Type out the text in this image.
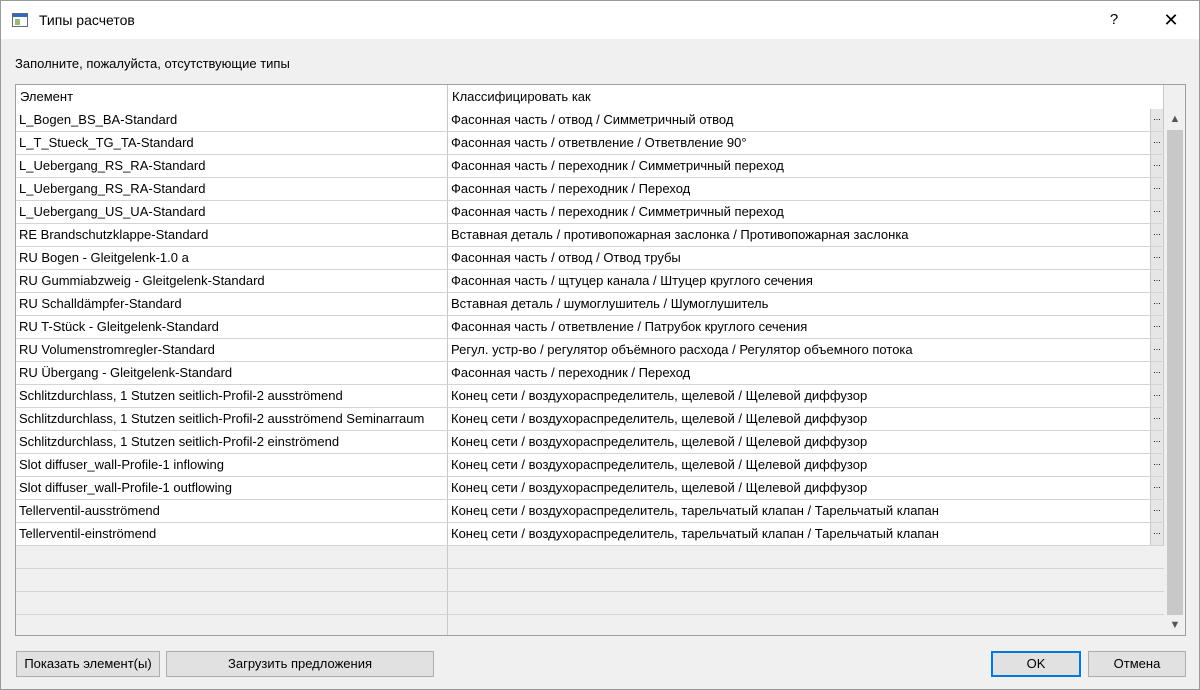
Типы расчетов	?	✕
Заполните, пожалуйста, отсутствующие типы
Элемент	Классифицировать как
L_Bogen_BS_BA-Standard	Фасонная часть / отвод / Симметричный отвод	...
L_T_Stueck_TG_TA-Standard	Фасонная часть / ответвление / Ответвление 90°	...
L_Uebergang_RS_RA-Standard	Фасонная часть / переходник / Симметричный переход	...
L_Uebergang_RS_RA-Standard	Фасонная часть / переходник / Переход	...
L_Uebergang_US_UA-Standard	Фасонная часть / переходник / Симметричный переход	...
RE Brandschutzklappe-Standard	Вставная деталь / противопожарная заслонка / Противопожарная заслонка	...
RU Bogen - Gleitgelenk-1.0 a	Фасонная часть / отвод / Отвод трубы	...
RU Gummiabzweig - Gleitgelenk-Standard	Фасонная часть / щтуцер канала / Штуцер круглого сечения	...
RU Schalldämpfer-Standard	Вставная деталь / шумоглушитель / Шумоглушитель	...
RU T-Stück - Gleitgelenk-Standard	Фасонная часть / ответвление / Патрубок круглого сечения	...
RU Volumenstromregler-Standard	Регул. устр-во / регулятор объёмного расхода / Регулятор объемного потока	...
RU Übergang - Gleitgelenk-Standard	Фасонная часть / переходник / Переход	...
Schlitzdurchlass, 1 Stutzen seitlich-Profil-2 ausströmend	Конец сети / воздухораспределитель, щелевой / Щелевой диффузор	...
Schlitzdurchlass, 1 Stutzen seitlich-Profil-2 ausströmend Seminarraum	Конец сети / воздухораспределитель, щелевой / Щелевой диффузор	...
Schlitzdurchlass, 1 Stutzen seitlich-Profil-2 einströmend	Конец сети / воздухораспределитель, щелевой / Щелевой диффузор	...
Slot diffuser_wall-Profile-1 inflowing	Конец сети / воздухораспределитель, щелевой / Щелевой диффузор	...
Slot diffuser_wall-Profile-1 outflowing	Конец сети / воздухораспределитель, щелевой / Щелевой диффузор	...
Tellerventil-ausströmend	Конец сети / воздухораспределитель, тарельчатый клапан / Тарельчатый клапан	...
Tellerventil-einströmend	Конец сети / воздухораспределитель, тарельчатый клапан / Тарельчатый клапан	...
▲
▼
Показать элемент(ы)	Загрузить предложения	OK	Отмена
